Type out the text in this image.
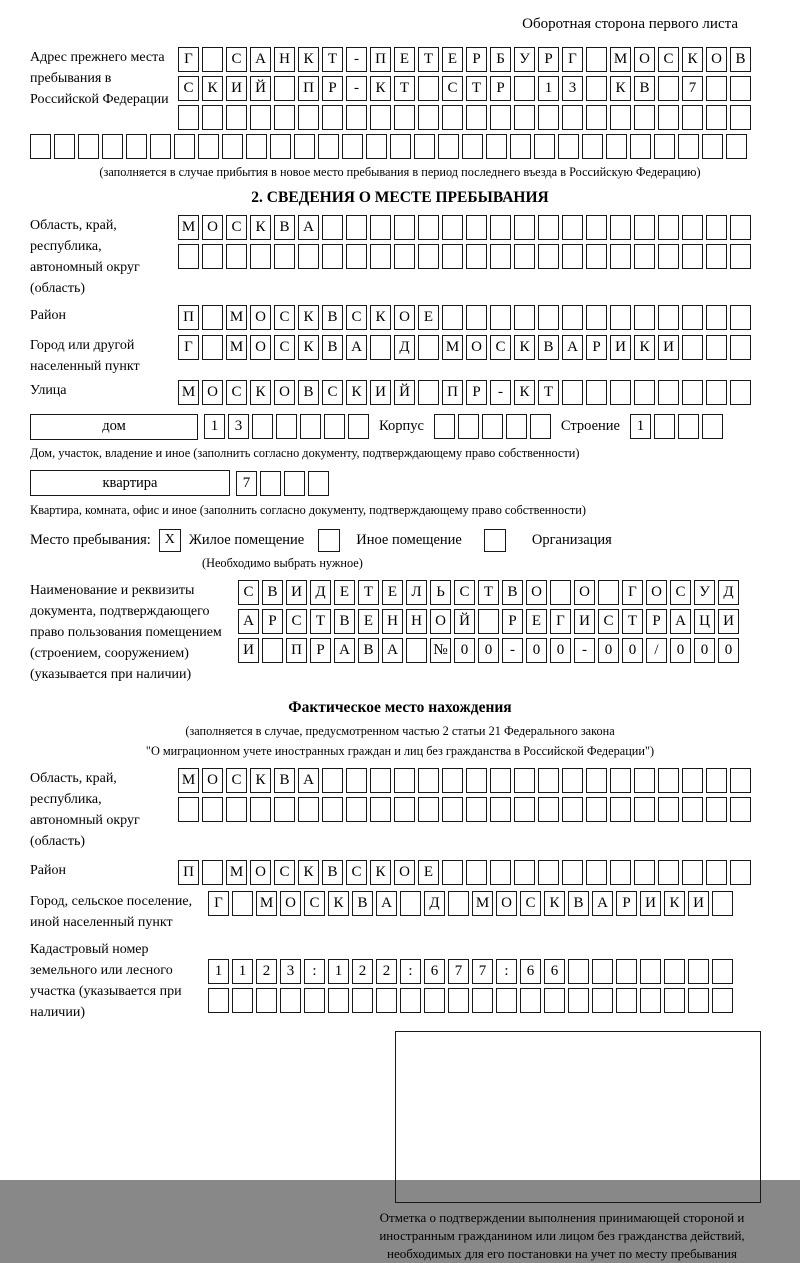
Оборотная сторона первого листа
Адрес прежнего места пребывания в Российской Федерации
Г	С А Н К Т	-	П Е Т Е	Р	Б У Р	Г	М О С К О В
С К И Й	П Р	-	К Т	С Т	Р	1	3	К В	7
(заполняется в случае прибытия в новое место пребывания в период последнего въезда в Российскую Федерацию)
2. СВЕДЕНИЯ О МЕСТЕ ПРЕБЫВАНИЯ
Область, край, республика, автономный округ (область)
М О С К В А
Район	П	М О С К В С К О Е
Город или другой населенный пункт
Г	М О С К В А	Д	М О С К В А Р И К И
Улица	М О С К О В С К И Й	П Р	-	К Т
дом	1	3	Корпус	Строение	1
Дом, участок, владение и иное (заполнить согласно документу, подтверждающему право собственности)
квартира	7
Квартира, комната, офис и иное (заполнить согласно документу, подтверждающему право собственности)
Место пребывания: X Жилое помещение	Иное помещение	Организация
(Необходимо выбрать нужное)
Наименование и реквизиты документа, подтверждающего право пользования помещением (строением, сооружением) (указывается при наличии)
С В И Д Е Т Е Л Ь С Т В О	О	Г О С У Д
А Р С Т В Е Н Н О Й	Р	Е	Г И С Т	Р А Ц И
И	П Р А В А	№ 0	0	-	0	0	-	0	0	/	0	0	0
Фактическое место нахождения
(заполняется в случае, предусмотренном частью 2 статьи 21 Федерального закона
"О миграционном учете иностранных граждан и лиц без гражданства в Российской Федерации")
Область, край, республика, автономный округ (область)
М О С К В А
Район	П	М О С К В С К О Е
Город, сельское поселение, иной населенный пункт
Г	М О С К В А	Д	М О С К В А Р И К И
Кадастровый номер земельного или лесного участка (указывается при наличии)
1	1	2	3	:	1	2	2	:	6	7	7	:	6	6
Отметка о подтверждении выполнения принимающей стороной и иностранным гражданином или лицом без гражданства действий, необходимых для его постановки на учет по месту пребывания
